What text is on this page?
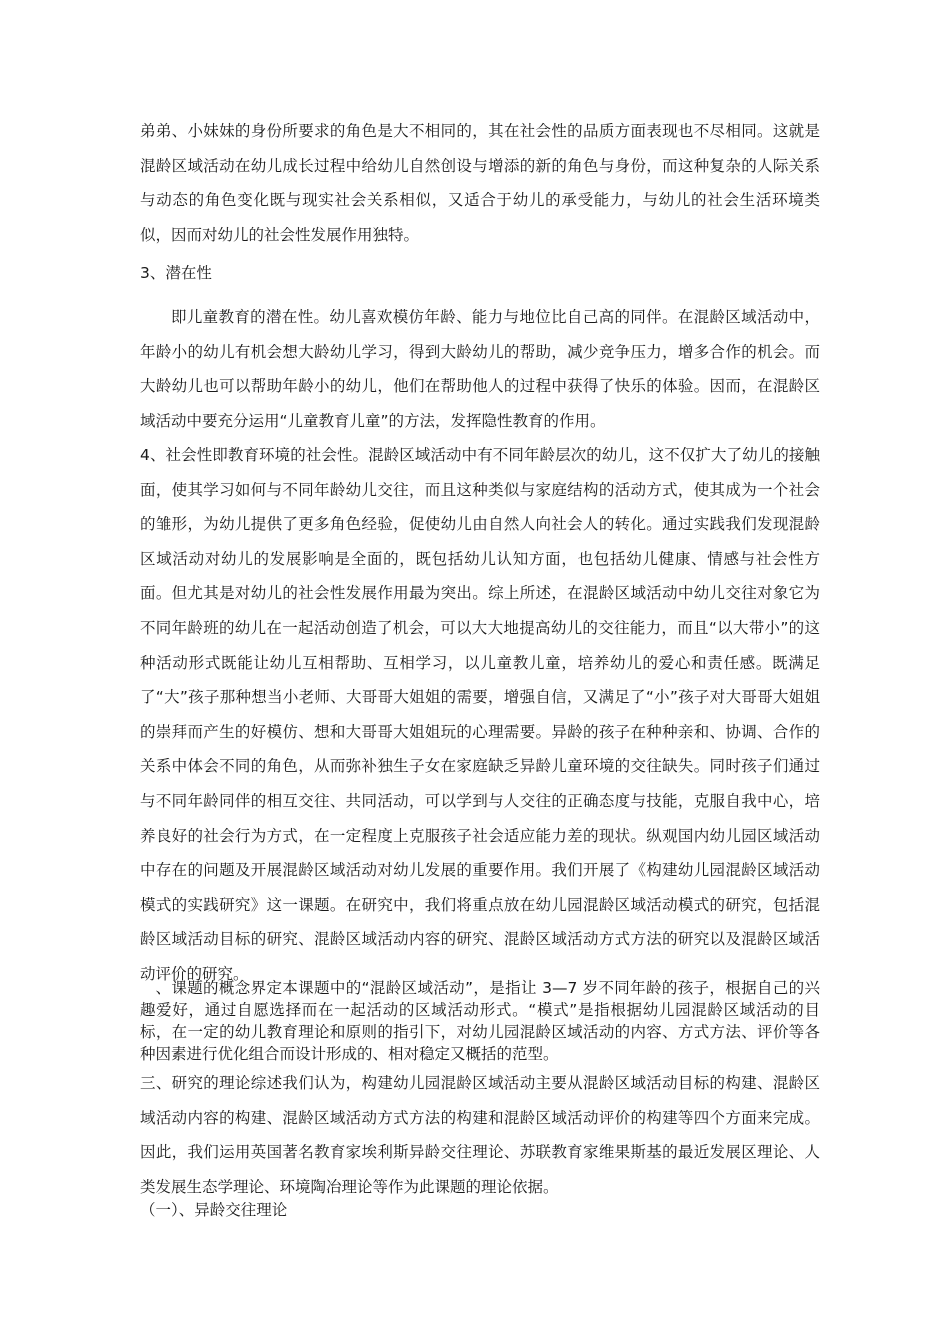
弟弟、小妹妹的身份所要求的角色是大不相同的，其在社会性的品质方面表现也不尽相同。这就是混龄区域活动在幼儿成长过程中给幼儿自然创设与增添的新的角色与身份，而这种复杂的人际关系与动态的角色变化既与现实社会关系相似，又适合于幼儿的承受能力，与幼儿的社会生活环境类似，因而对幼儿的社会性发展作用独特。

3、潜在性

即儿童教育的潜在性。幼儿喜欢模仿年龄、能力与地位比自己高的同伴。在混龄区域活动中，年龄小的幼儿有机会想大龄幼儿学习，得到大龄幼儿的帮助，减少竞争压力，增多合作的机会。而大龄幼儿也可以帮助年龄小的幼儿，他们在帮助他人的过程中获得了快乐的体验。因而，在混龄区域活动中要充分运用“儿童教育儿童”的方法，发挥隐性教育的作用。

4、社会性即教育环境的社会性。混龄区域活动中有不同年龄层次的幼儿，这不仅扩大了幼儿的接触面，使其学习如何与不同年龄幼儿交往，而且这种类似与家庭结构的活动方式，使其成为一个社会的雏形，为幼儿提供了更多角色经验，促使幼儿由自然人向社会人的转化。通过实践我们发现混龄区域活动对幼儿的发展影响是全面的，既包括幼儿认知方面，也包括幼儿健康、情感与社会性方面。但尤其是对幼儿的社会性发展作用最为突出。综上所述，在混龄区域活动中幼儿交往对象它为不同年龄班的幼儿在一起活动创造了机会，可以大大地提高幼儿的交往能力，而且“以大带小”的这种活动形式既能让幼儿互相帮助、互相学习，以儿童教儿童，培养幼儿的爱心和责任感。既满足了“大”孩子那种想当小老师、大哥哥大姐姐的需要，增强自信，又满足了“小”孩子对大哥哥大姐姐的崇拜而产生的好模仿、想和大哥哥大姐姐玩的心理需要。异龄的孩子在种种亲和、协调、合作的关系中体会不同的角色，从而弥补独生子女在家庭缺乏异龄儿童环境的交往缺失。同时孩子们通过与不同年龄同伴的相互交往、共同活动，可以学到与人交往的正确态度与技能，克服自我中心，培养良好的社会行为方式，在一定程度上克服孩子社会适应能力差的现状。纵观国内幼儿园区域活动中存在的问题及开展混龄区域活动对幼儿发展的重要作用。我们开展了《构建幼儿园混龄区域活动模式的实践研究》这一课题。在研究中，我们将重点放在幼儿园混龄区域活动模式的研究，包括混龄区域活动目标的研究、混龄区域活动内容的研究、混龄区域活动方式方法的研究以及混龄区域活动评价的研究。

、课题的概念界定本课题中的“混龄区域活动”，是指让 3—7 岁不同年龄的孩子，根据自己的兴趣爱好，通过自愿选择而在一起活动的区域活动形式。“模式”是指根据幼儿园混龄区域活动的目标，在一定的幼儿教育理论和原则的指引下，对幼儿园混龄区域活动的内容、方式方法、评价等各种因素进行优化组合而设计形成的、相对稳定又概括的范型。

三、研究的理论综述我们认为，构建幼儿园混龄区域活动主要从混龄区域活动目标的构建、混龄区域活动内容的构建、混龄区域活动方式方法的构建和混龄区域活动评价的构建等四个方面来完成。因此，我们运用英国著名教育家埃利斯异龄交往理论、苏联教育家维果斯基的最近发展区理论、人类发展生态学理论、环境陶冶理论等作为此课题的理论依据。

（一）、异龄交往理论
